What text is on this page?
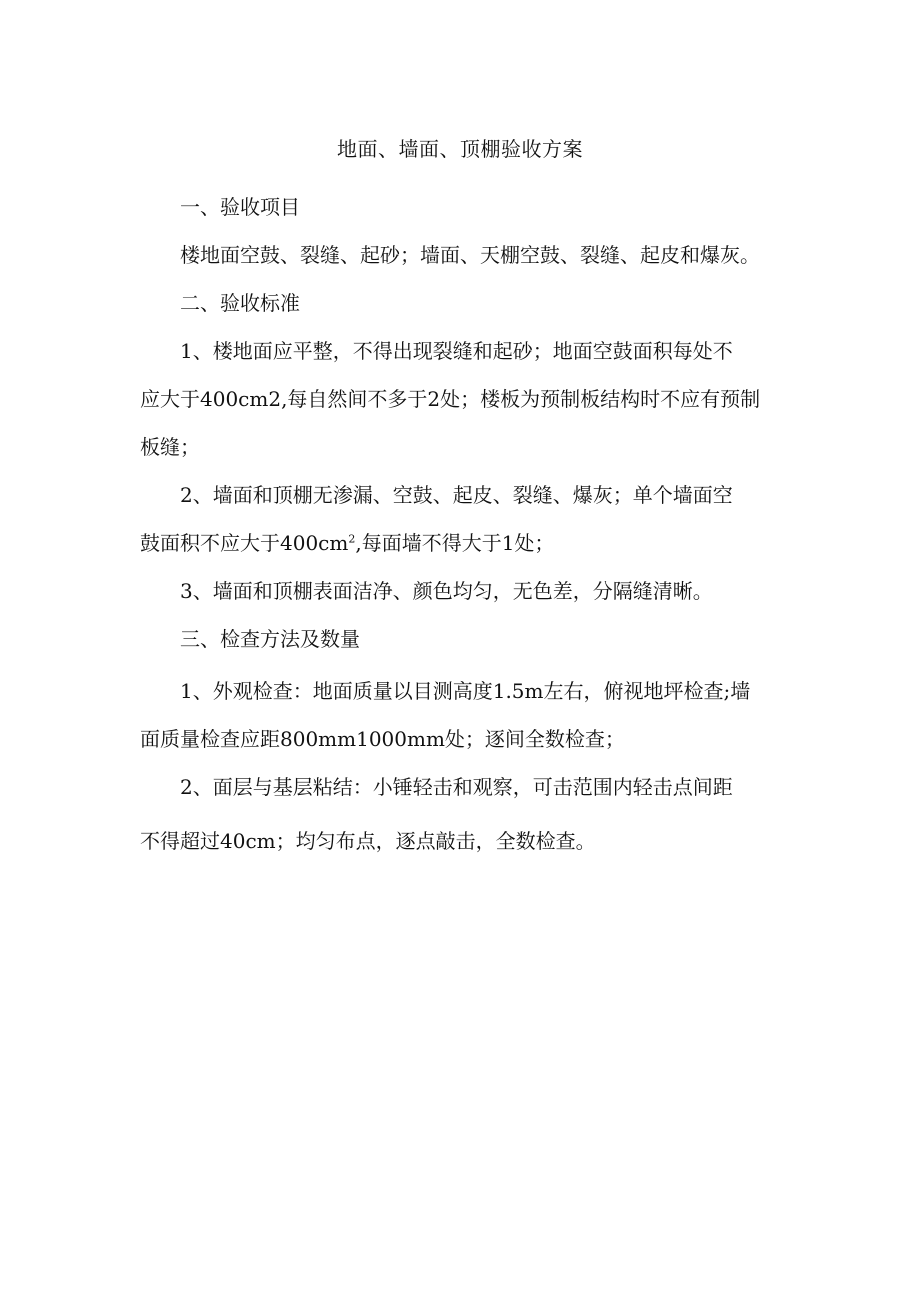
地面、墙面、顶棚验收方案
一、验收项目
楼地面空鼓、裂缝、起砂；墙面、天棚空鼓、裂缝、起皮和爆灰。
二、验收标准
1、楼地面应平整，不得出现裂缝和起砂；地面空鼓面积每处不
应大于400cm2,每自然间不多于2处；楼板为预制板结构时不应有预制
板缝；
2、墙面和顶棚无渗漏、空鼓、起皮、裂缝、爆灰；单个墙面空
鼓面积不应大于$400cm^2$,每面墙不得大于1处；
3、墙面和顶棚表面洁净、颜色均匀，无色差，分隔缝清晰。
三、检查方法及数量
1、外观检查：地面质量以目测高度1.5m左右，俯视地坪检查;墙
面质量检查应距800mm1000mm处；逐间全数检查；
2、面层与基层粘结：小锤轻击和观察，可击范围内轻击点间距
不得超过40cm；均匀布点，逐点敲击，全数检查。
